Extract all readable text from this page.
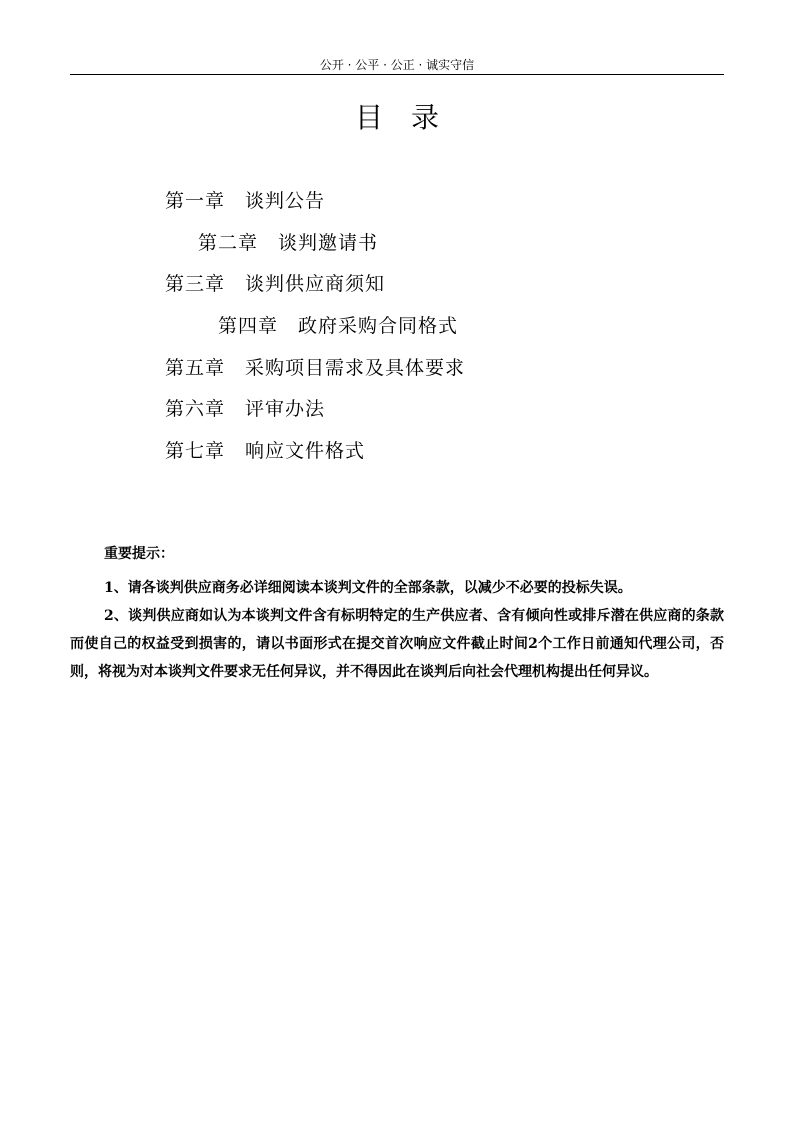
公开 · 公平 · 公正 · 诚实守信
目录
第一章 谈判公告
第二章 谈判邀请书
第三章 谈判供应商须知
第四章 政府采购合同格式
第五章 采购项目需求及具体要求
第六章 评审办法
第七章 响应文件格式
重要提示：
1、请各谈判供应商务必详细阅读本谈判文件的全部条款，以减少不必要的投标失误。
2、谈判供应商如认为本谈判文件含有标明特定的生产供应者、含有倾向性或排斥潜在供应商的条款而使自己的权益受到损害的，请以书面形式在提交首次响应文件截止时间2个工作日前通知代理公司，否则，将视为对本谈判文件要求无任何异议，并不得因此在谈判后向社会代理机构提出任何异议。
